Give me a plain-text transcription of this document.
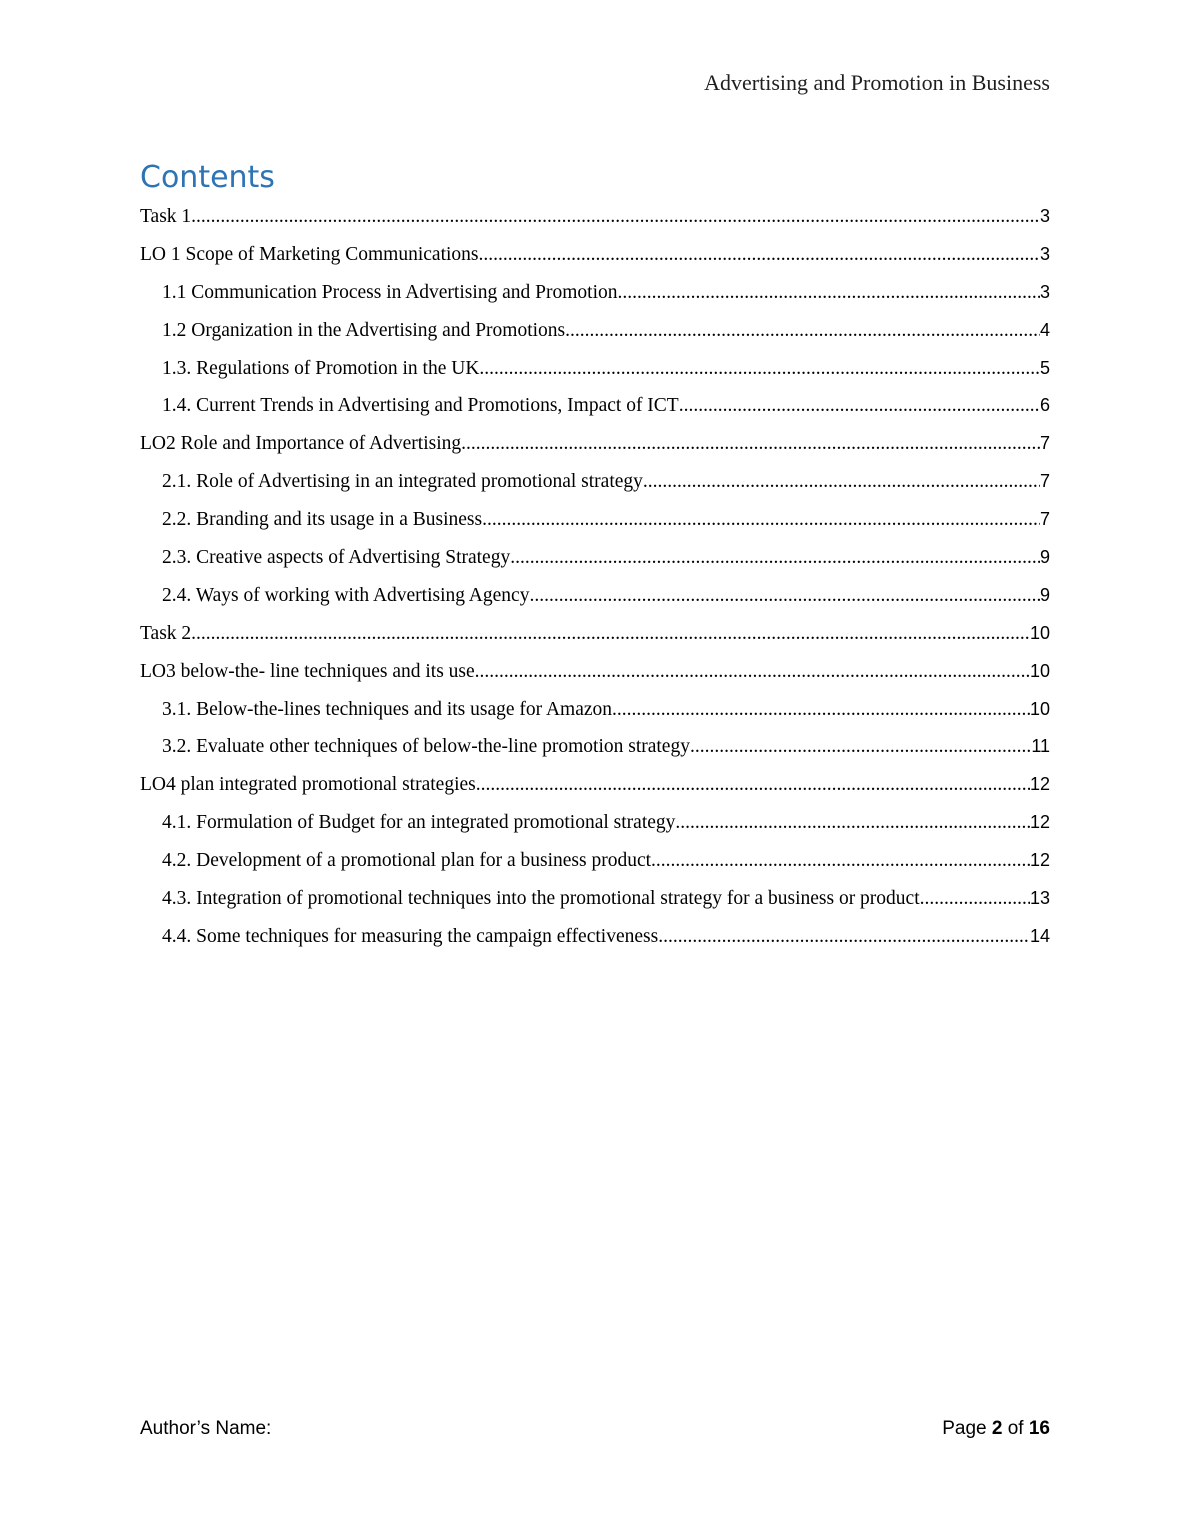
Advertising and Promotion in Business
Contents
Task 1 .....	3
LO 1 Scope of Marketing Communications .....	3
1.1 Communication Process in Advertising and Promotion .....	3
1.2 Organization in the Advertising and Promotions .....	4
1.3. Regulations of Promotion in the UK .....	5
1.4. Current Trends in Advertising and Promotions, Impact of ICT .....	6
LO2 Role and Importance of Advertising .....	7
2.1. Role of Advertising in an integrated promotional strategy .....	7
2.2. Branding and its usage in a Business .....	7
2.3. Creative aspects of Advertising Strategy .....	9
2.4. Ways of working with Advertising Agency .....	9
Task 2 .....	10
LO3 below-the- line techniques and its use .....	10
3.1. Below-the-lines techniques and its usage for Amazon .....	10
3.2. Evaluate other techniques of below-the-line promotion strategy .....	11
LO4 plan integrated promotional strategies .....	12
4.1. Formulation of Budget for an integrated promotional strategy .....	12
4.2. Development of a promotional plan for a business product .....	12
4.3. Integration of promotional techniques into the promotional strategy for a business or product .....	13
4.4. Some techniques for measuring the campaign effectiveness .....	14
Author’s Name:	Page 2 of 16
